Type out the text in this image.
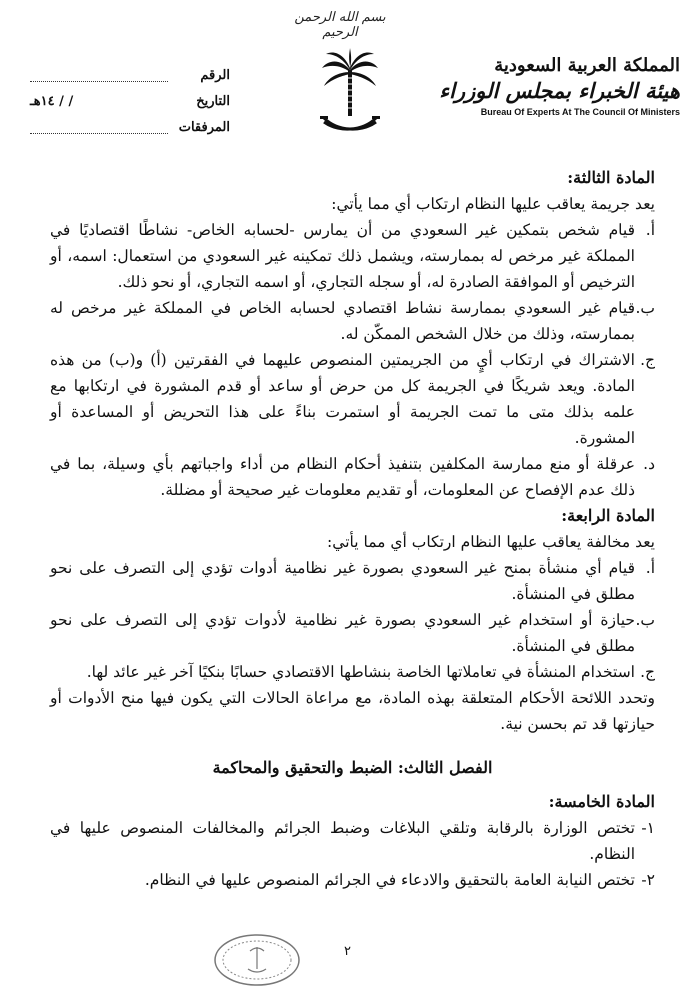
بسم الله الرحمن الرحيم
الرقم
التاريخ
/ / ١٤هـ
المرفقات
المملكة العربية السعودية
هيئة الخبراء بمجلس الوزراء
Bureau Of Experts At The Council Of Ministers
المادة الثالثة:
يعد جريمة يعاقب عليها النظام ارتكاب أي مما يأتي:
أ.
قيام شخص بتمكين غير السعودي من أن يمارس -لحسابه الخاص- نشاطًا اقتصاديًا في المملكة غير مرخص له بممارسته، ويشمل ذلك تمكينه غير السعودي من استعمال: اسمه، أو الترخيص أو الموافقة الصادرة له، أو سجله التجاري، أو اسمه التجاري، أو نحو ذلك.
ب.
قيام غير السعودي بممارسة نشاط اقتصادي لحسابه الخاص في المملكة غير مرخص له بممارسته، وذلك من خلال الشخص الممكّن له.
ج.
الاشتراك في ارتكاب أيٍ من الجريمتين المنصوص عليهما في الفقرتين (أ) و(ب) من هذه المادة. ويعد شريكًا في الجريمة كل من حرض أو ساعد أو قدم المشورة في ارتكابها مع علمه بذلك متى ما تمت الجريمة أو استمرت بناءً على هذا التحريض أو المساعدة أو المشورة.
د.
عرقلة أو منع ممارسة المكلفين بتنفيذ أحكام النظام من أداء واجباتهم بأي وسيلة، بما في ذلك عدم الإفصاح عن المعلومات، أو تقديم معلومات غير صحيحة أو مضللة.
المادة الرابعة:
يعد مخالفة يعاقب عليها النظام ارتكاب أي مما يأتي:
أ.
قيام أي منشأة بمنح غير السعودي بصورة غير نظامية أدوات تؤدي إلى التصرف على نحو مطلق في المنشأة.
ب.
حيازة أو استخدام غير السعودي بصورة غير نظامية لأدوات تؤدي إلى التصرف على نحو مطلق في المنشأة.
ج.
استخدام المنشأة في تعاملاتها الخاصة بنشاطها الاقتصادي حسابًا بنكيًا آخر غير عائد لها.
وتحدد اللائحة الأحكام المتعلقة بهذه المادة، مع مراعاة الحالات التي يكون فيها منح الأدوات أو حيازتها قد تم بحسن نية.
الفصل الثالث: الضبط والتحقيق والمحاكمة
المادة الخامسة:
١-
تختص الوزارة بالرقابة وتلقي البلاغات وضبط الجرائم والمخالفات المنصوص عليها في النظام.
٢-
تختص النيابة العامة بالتحقيق والادعاء في الجرائم المنصوص عليها في النظام.
٢
